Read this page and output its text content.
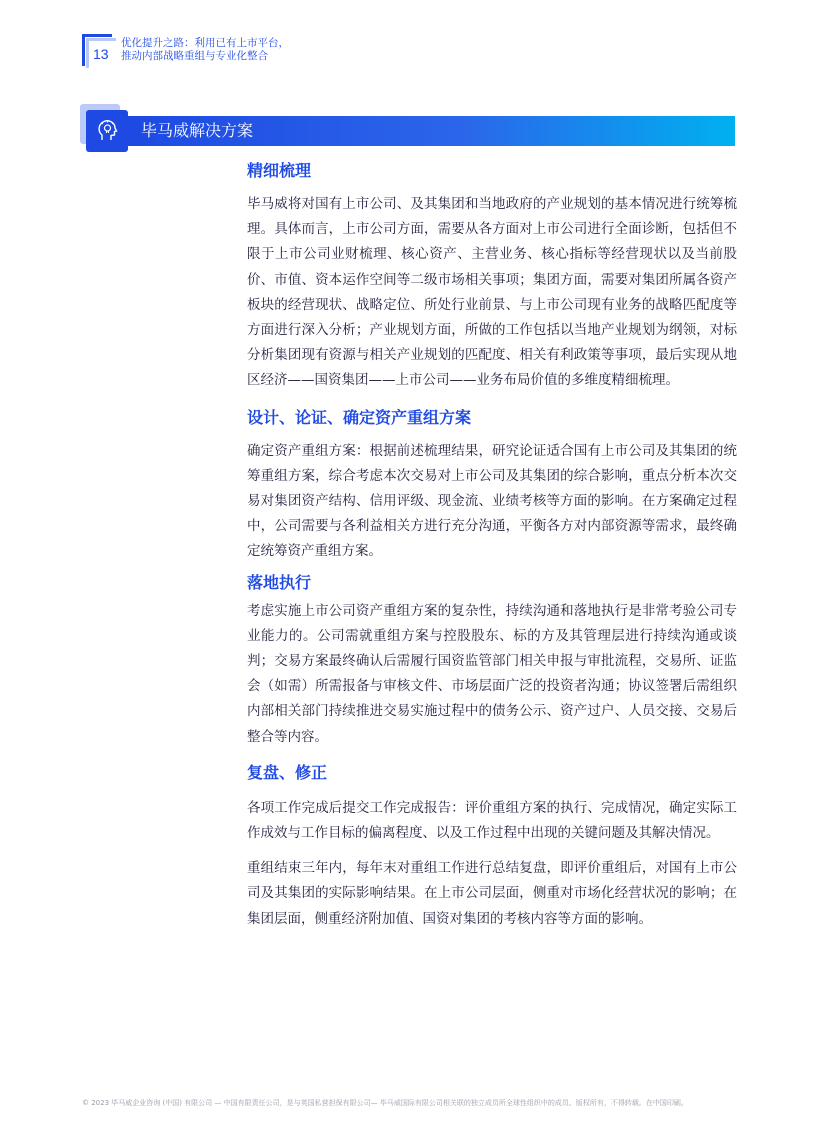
13
优化提升之路：利用已有上市平台，
推动内部战略重组与专业化整合
毕马威解决方案
精细梳理

毕马威将对国有上市公司、及其集团和当地政府的产业规划的基本情况进行统筹梳理。具体而言，上市公司方面，需要从各方面对上市公司进行全面诊断，包括但不限于上市公司业财梳理、核心资产、主营业务、核心指标等经营现状以及当前股价、市值、资本运作空间等二级市场相关事项；集团方面，需要对集团所属各资产板块的经营现状、战略定位、所处行业前景、与上市公司现有业务的战略匹配度等方面进行深入分析；产业规划方面，所做的工作包括以当地产业规划为纲领，对标分析集团现有资源与相关产业规划的匹配度、相关有利政策等事项，最后实现从地区经济——国资集团——上市公司——业务布局价值的多维度精细梳理。

设计、论证、确定资产重组方案

确定资产重组方案：根据前述梳理结果，研究论证适合国有上市公司及其集团的统筹重组方案，综合考虑本次交易对上市公司及其集团的综合影响，重点分析本次交易对集团资产结构、信用评级、现金流、业绩考核等方面的影响。在方案确定过程中，公司需要与各利益相关方进行充分沟通，平衡各方对内部资源等需求，最终确定统筹资产重组方案。

落地执行

考虑实施上市公司资产重组方案的复杂性，持续沟通和落地执行是非常考验公司专业能力的。公司需就重组方案与控股股东、标的方及其管理层进行持续沟通或谈判；交易方案最终确认后需履行国资监管部门相关申报与审批流程，交易所、证监会（如需）所需报备与审核文件、市场层面广泛的投资者沟通；协议签署后需组织内部相关部门持续推进交易实施过程中的债务公示、资产过户、人员交接、交易后整合等内容。

复盘、修正

各项工作完成后提交工作完成报告：评价重组方案的执行、完成情况，确定实际工作成效与工作目标的偏离程度、以及工作过程中出现的关键问题及其解决情况。

重组结束三年内，每年末对重组工作进行总结复盘，即评价重组后，对国有上市公司及其集团的实际影响结果。在上市公司层面，侧重对市场化经营状况的影响；在集团层面，侧重经济附加值、国资对集团的考核内容等方面的影响。

© 2023 毕马威企业咨询 (中国) 有限公司 — 中国有限责任公司，是与英国私营担保有限公司— 毕马威国际有限公司相关联的独立成员所全球性组织中的成员。版权所有，不得转载。在中国印刷。
